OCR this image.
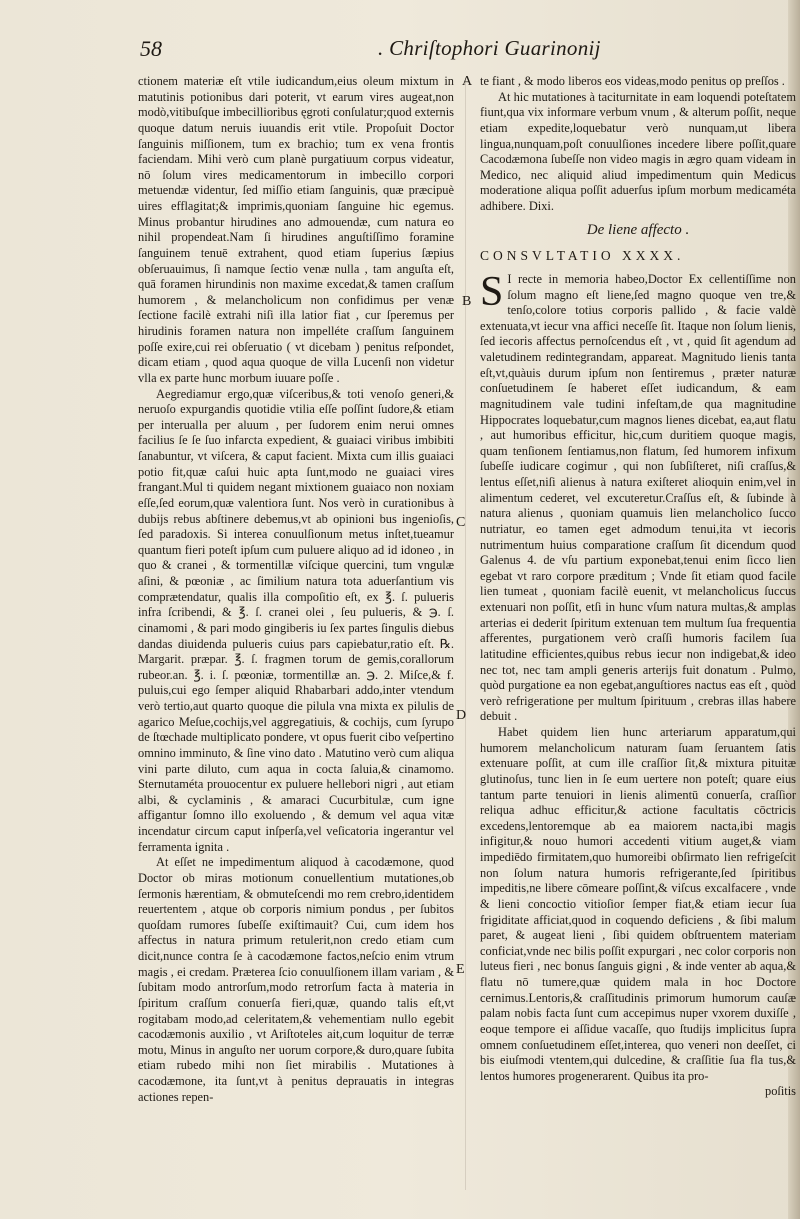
58	. Chriſtophori Guarinonij
A
B
C
D
E

ctionem materiæ eſt vtile iudicandum,eius oleum mixtum in matutinis potionibus dari poterit, vt earum vires augeat,non modò,vitibuſque imbecillioribus ęgroti conſulatur;quod externis quoque datum neruis iuuandis erit vtile. Propoſuit Doctor ſanguinis miſſionem, tum ex brachio; tum ex vena frontis faciendam. Mihi verò cum planè purgatiuum corpus videatur, nō ſolum vires medicamentorum in imbecillo corpori metuendæ videntur, ſed miſſio etiam ſanguinis, quæ præcipuè uires efflagitat;& imprimis,quoniam ſanguine hic egemus. Minus probantur hirudines ano admouendæ, cum natura eo nihil propendeat.Nam ſi hirudines anguſtiſſimo foramine ſanguinem tenuē extrahent, quod etiam ſuperius ſæpius obſeruauimus, ſi namque ſectio venæ nulla , tam anguſta eſt, quā foramen hirundinis non maxime excedat,& tamen craſſum humorem , & melancholicum non confidimus per venæ ſectione facilè extrahi niſi illa latior fiat , cur ſperemus per hirudinis foramen natura non impelléte craſſum ſanguinem poſſe exire,cui rei obſeruatio ( vt dicebam ) penitus reſpondet, dicam etiam , quod aqua quoque de villa Lucenſi non videtur vlla ex parte hunc morbum iuuare poſſe .

Aegrediamur ergo,quæ viſceribus,& toti venoſo generi,& neruoſo expurgandis quotidie vtilia eſſe poſſint ſudore,& etiam per interualla per aluum , per ſudorem enim nerui omnes facilius ſe ſe ſuo infarcta expedient, & guaiaci viribus imbibiti ſanabuntur, vt viſcera, & caput facient. Mixta cum illis guaiaci potio fit,quæ caſui huic apta ſunt,modo ne guaiaci vires frangant.Mul ti quidem negant mixtionem guaiaco non noxiam eſſe,ſed eorum,quæ valentiora ſunt. Nos verò in curationibus à dubijs rebus abſtinere debemus,vt ab opinioni bus ingenioſis, ſed paradoxis. Si interea conuulſionum metus inſtet,tueamur quantum fieri poteſt ipſum cum puluere aliquo ad id idoneo , in quo & cranei , & tormentillæ viſcique quercini, tum vngulæ aſini, & pœoniæ , ac ſimilium natura tota aduerſantium vis comprætendatur, qualis illa compoſitio eſt, ex ℥. ſ. pulueris infra ſcribendi, & ℥. ſ. cranei olei , ſeu pulueris, & ℈. ſ. cinamomi , & pari modo gingiberis iu ſex partes ſingulis diebus dandas diuidenda pulueris cuius pars capiebatur,ratio eſt. ℞. Margarit. præpar. ℥. ſ. fragmen torum de gemis,corallorum rubeor.an. ℥. i. ſ. pœoniæ, tormentillæ an. ℈. 2. Miſce,& f. puluis,cui ego ſemper aliquid Rhabarbari addo,inter vtendum verò tertio,aut quarto quoque die pilula vna mixta ex pilulis de agarico Meſue,cochijs,vel aggregatiuis, & cochijs, cum ſyrupo de ſtœchade multiplicato pondere, vt opus fuerit cibo veſpertino omnino imminuto, & ſine vino dato . Matutino verò cum aliqua vini parte diluto, cum aqua in cocta ſaluia,& cinamomo. Sternutaméta prouocentur ex puluere hellebori nigri , aut etiam albi, & cyclaminis , & amaraci Cucurbitulæ, cum igne affigantur ſomno illo exoluendo , & demum vel aqua vitæ incendatur circum caput inſperſa,vel veſicatoria ingerantur vel ferramenta ignita .

At eſſet ne impedimentum aliquod à cacodæmone, quod Doctor ob miras motionum conuellentium mutationes,ob ſermonis hærentiam, & obmuteſcendi mo rem crebro,identidem reuertentem , atque ob corporis nimium pondus , per ſubitos quoſdam rumores ſubeſſe exiſtimauit? Cui, cum idem hos affectus in natura primum retulerit,non credo etiam cum dicit,nunce contra ſe à cacodæmone factos,neſcio enim vtrum magis , ei credam. Præterea ſcio conuulſionem illam variam , & ſubitam modo antrorſum,modo retrorſum facta à materia in ſpiritum craſſum conuerſa fieri,quæ, quando talis eſt,vt rogitabam modo,ad celeritatem,& vehementiam nullo egebit cacodæmonis auxilio , vt Ariſtoteles ait,cum loquitur de terræ motu, Minus in anguſto ner uorum corpore,& duro,quare ſubita etiam rubedo mihi non ſiet mirabilis . Mutationes à cacodæmone, ita ſunt,vt à penitus deprauatis in integras actiones repen-

te fiant , & modo liberos eos videas,modo penitus op preſſos .

At hic mutationes à taciturnitate in eam loquendi poteſtatem fiunt,qua vix informare verbum vnum , & alterum poſſit, neque etiam expedite,loquebatur verò nunquam,ut libera lingua,nunquam,poſt conuulſiones incedere libere poſſit,quare Cacodæmona ſubeſſe non video magis in ægro quam videam in Medico, nec aliquid aliud impedimentum quin Medicus moderatione aliqua poſſit aduerſus ipſum morbum medicaméta adhibere. Dixi.

De liene affecto .
CONSVLTATIO XXXX.

S I recte in memoria habeo,Doctor Ex cellentiſſime non ſolum magno eſt liene,ſed magno quoque ven tre,& tenſo,colore totius corporis pallido , & facie valdè extenuata,vt iecur vna affici neceſſe ſit. Itaque non ſolum lienis, ſed iecoris affectus pernoſcendus eſt , vt , quid ſit agendum ad valetudinem redintegrandam, appareat. Magnitudo lienis tanta eſt,vt,quàuis durum ipſum non ſentiremus , præter naturæ conſuetudinem ſe haberet eſſet iudicandum, & eam magnitudinem vale tudini infeſtam,de qua magnitudine Hippocrates loquebatur,cum magnos lienes dicebat, ea,aut flatu , aut humoribus efficitur, hic,cum duritiem quoque magis, quam tenſionem ſentiamus,non flatum, ſed humorem infixum ſubeſſe iudicare cogimur , qui non ſubſiſteret, niſi craſſus,& lentus eſſet,niſi alienus à natura exiſteret alioquin enim,vel in alimentum cederet, vel excuteretur.Craſſus eſt, & ſubinde à natura alienus , quoniam quamuis lien melancholico ſucco nutriatur, eo tamen eget admodum tenui,ita vt iecoris nutrimentum huius comparatione craſſum ſit dicendum quod Galenus 4. de vſu partium exponebat,tenui enim ſicco lien egebat vt raro corpore præditum ; Vnde ſit etiam quod facile lien tumeat , quoniam facilè euenit, vt melancholicus ſuccus extenuari non poſſit, etſi in hunc vſum natura multas,& amplas arterias ei dederit ſpiritum extenuan tem multum ſua frequentia afferentes, purgationem verò craſſi humoris facilem ſua latitudine efficientes,quibus rebus iecur non indigebat,& ideo nec tot, nec tam ampli generis arterijs fuit donatum . Pulmo, quòd purgatione ea non egebat,anguſtiores nactus eas eſt , quòd verò refrigeratione per multum ſpirituum , crebras illas habere debuit .

Habet quidem lien hunc arteriarum apparatum,qui humorem melancholicum naturam ſuam ſeruantem ſatis extenuare poſſit, at cum ille craſſior ſit,& mixtura pituitæ glutinoſus, tunc lien in ſe eum uertere non poteſt; quare eius tantum parte tenuiori in lienis alimentū conuerſa, craſſior reliqua adhuc efficitur,& actione facultatis cōctricis excedens,lentoremque ab ea maiorem nacta,ibi magis infigitur,& nouo humori accedenti vitium auget,& viam impediēdo firmitatem,quo humoreibi obſirmato lien refrigeſcit non ſolum natura humoris refrigerante,ſed ſpiritibus impeditis,ne libere cōmeare poſſint,& viſcus excalfacere , vnde & lieni concoctio vitioſior ſemper fiat,& etiam iecur ſua frigiditate afficiat,quod in coquendo deficiens , & ſibi malum paret, & augeat lieni , ſibi quidem obſtruentem materiam conficiat,vnde nec bilis poſſit expurgari , nec color corporis non luteus fieri , nec bonus ſanguis gigni , & inde venter ab aqua,& flatu nō tumere,quæ quidem mala in hoc Doctore cernimus.Lentoris,& craſſitudinis primorum humorum cauſæ palam nobis facta ſunt cum accepimus nuper vxorem duxiſſe , eoque tempore ei aſſidue vacaſſe, quo ſtudijs implicitus ſupra omnem conſuetudinem eſſet,interea, quo veneri non deeſſet, ci bis eiuſmodi vtentem,qui dulcedine, & craſſitie ſua fla tus,& lentos humores progenerarent. Quibus ita pro-

poſitis
